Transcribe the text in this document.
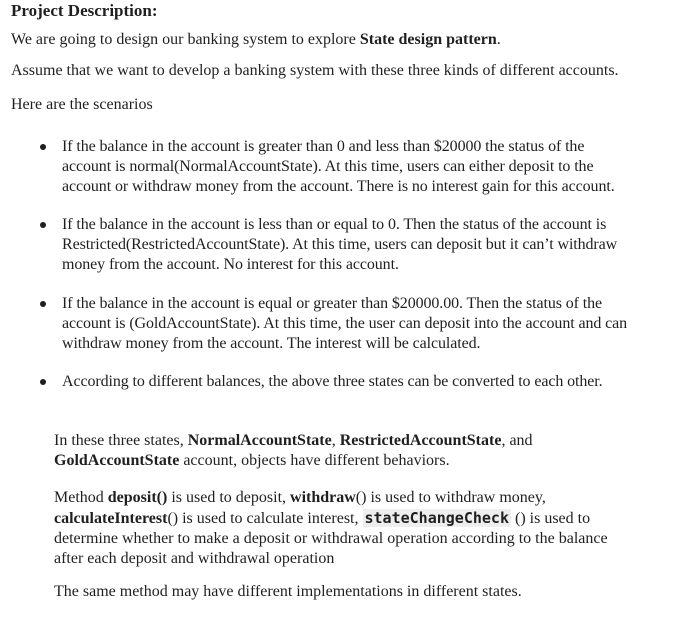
Project Description:
We are going to design our banking system to explore State design pattern.
Assume that we want to develop a banking system with these three kinds of different accounts.
Here are the scenarios
If the balance in the account is greater than 0 and less than $20000 the status of the
account is normal(NormalAccountState). At this time, users can either deposit to the
account or withdraw money from the account. There is no interest gain for this account.
If the balance in the account is less than or equal to 0. Then the status of the account is
Restricted(RestrictedAccountState). At this time, users can deposit but it can’t withdraw
money from the account. No interest for this account.
If the balance in the account is equal or greater than $20000.00. Then the status of the
account is (GoldAccountState). At this time, the user can deposit into the account and can
withdraw money from the account. The interest will be calculated.
According to different balances, the above three states can be converted to each other.
In these three states, NormalAccountState, RestrictedAccountState, and
GoldAccountState account, objects have different behaviors.
Method deposit() is used to deposit, withdraw() is used to withdraw money,
calculateInterest() is used to calculate interest, stateChangeCheck () is used to
determine whether to make a deposit or withdrawal operation according to the balance
after each deposit and withdrawal operation
The same method may have different implementations in different states.
